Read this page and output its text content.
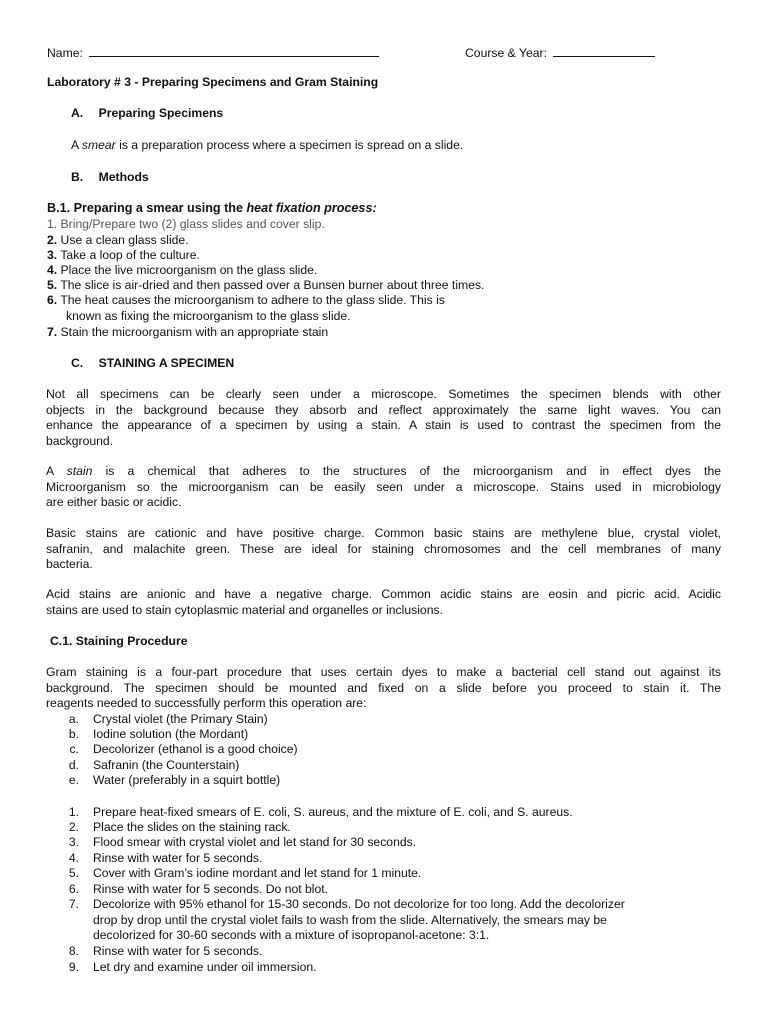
Name:	Course & Year:
Laboratory # 3 - Preparing Specimens and Gram Staining
A. Preparing Specimens
A smear is a preparation process where a specimen is spread on a slide.
B. Methods
B.1. Preparing a smear using the heat fixation process:
1. Bring/Prepare two (2) glass slides and cover slip.
2. Use a clean glass slide.
3. Take a loop of the culture.
4. Place the live microorganism on the glass slide.
5. The slice is air-dried and then passed over a Bunsen burner about three times.
6. The heat causes the microorganism to adhere to the glass slide. This is
known as fixing the microorganism to the glass slide.
7. Stain the microorganism with an appropriate stain
C. STAINING A SPECIMEN
Not all specimens can be clearly seen under a microscope. Sometimes the specimen blends with other
objects in the background because they absorb and reflect approximately the same light waves. You can
enhance the appearance of a specimen by using a stain. A stain is used to contrast the specimen from the
background.
A stain is a chemical that adheres to the structures of the microorganism and in effect dyes the
Microorganism so the microorganism can be easily seen under a microscope. Stains used in microbiology
are either basic or acidic.
Basic stains are cationic and have positive charge. Common basic stains are methylene blue, crystal violet,
safranin, and malachite green. These are ideal for staining chromosomes and the cell membranes of many
bacteria.
Acid stains are anionic and have a negative charge. Common acidic stains are eosin and picric acid. Acidic
stains are used to stain cytoplasmic material and organelles or inclusions.
C.1. Staining Procedure
Gram staining is a four-part procedure that uses certain dyes to make a bacterial cell stand out against its
background. The specimen should be mounted and fixed on a slide before you proceed to stain it. The
reagents needed to successfully perform this operation are:
a. Crystal violet (the Primary Stain)
b. Iodine solution (the Mordant)
c. Decolorizer (ethanol is a good choice)
d. Safranin (the Counterstain)
e. Water (preferably in a squirt bottle)
1. Prepare heat-fixed smears of E. coli, S. aureus, and the mixture of E. coli, and S. aureus.
2. Place the slides on the staining rack.
3. Flood smear with crystal violet and let stand for 30 seconds.
4. Rinse with water for 5 seconds.
5. Cover with Gram’s iodine mordant and let stand for 1 minute.
6. Rinse with water for 5 seconds. Do not blot.
7. Decolorize with 95% ethanol for 15-30 seconds. Do not decolorize for too long. Add the decolorizer
drop by drop until the crystal violet fails to wash from the slide. Alternatively, the smears may be
decolorized for 30-60 seconds with a mixture of isopropanol-acetone: 3:1.
8. Rinse with water for 5 seconds.
9. Let dry and examine under oil immersion.
